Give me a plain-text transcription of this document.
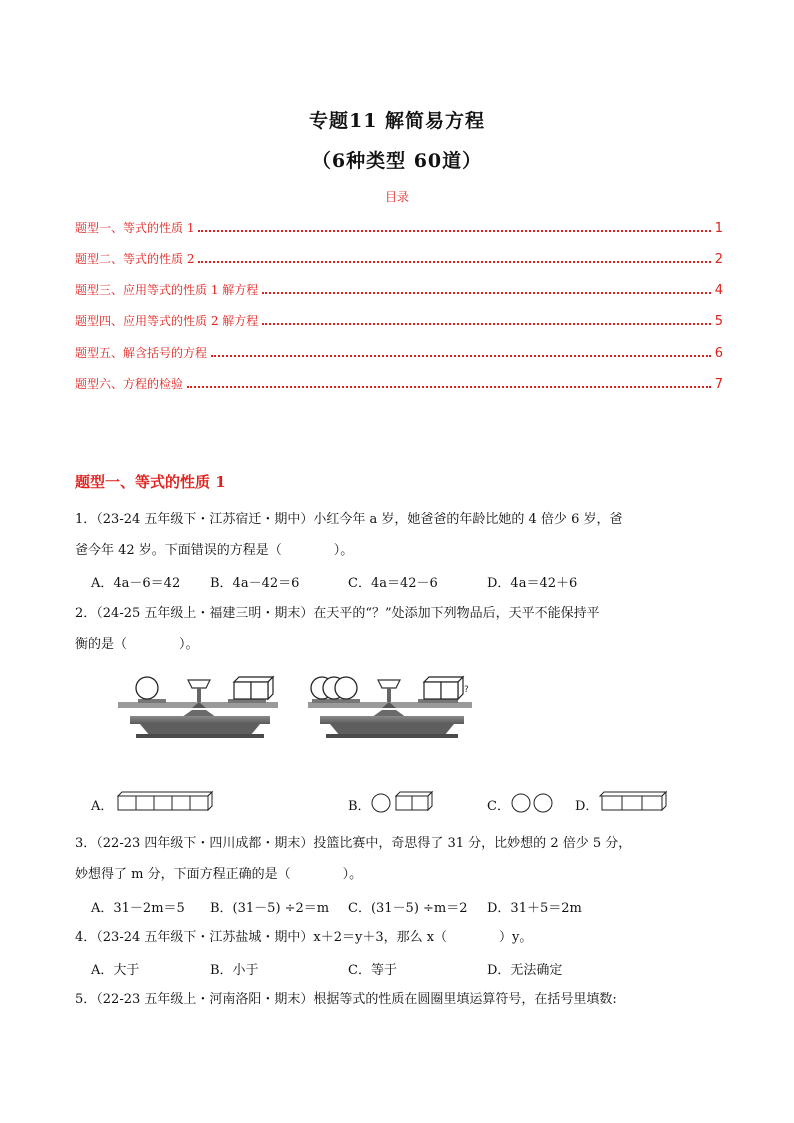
专题11 解简易方程
（6种类型 60道）
目录
题型一、等式的性质 1	1
题型二、等式的性质 2	2
题型三、应用等式的性质 1 解方程	4
题型四、应用等式的性质 2 解方程	5
题型五、解含括号的方程	6
题型六、方程的检验	7
题型一、等式的性质 1
1．（23-24 五年级下・江苏宿迁・期中）小红今年 a 岁，她爸爸的年龄比她的 4 倍少 6 岁，爸
爸今年 42 岁。下面错误的方程是（　　　　）。
A．4a－6＝42 B．4a－42＝6	C．4a＝42－6	D．4a＝42＋6
2．（24-25 五年级上・福建三明・期末）在天平的“？”处添加下列物品后，天平不能保持平
衡的是（　　　　）。
?
A．	B．	C．	D．
3．（22-23 四年级下・四川成都・期末）投篮比赛中，奇思得了 31 分，比妙想的 2 倍少 5 分，
妙想得了 m 分，下面方程正确的是（　　　　）。
A．31－2m＝5 B．(31－5) ÷2＝m C．(31－5) ÷m＝2 D．31＋5＝2m
4．（23-24 五年级下・江苏盐城・期中）x＋2＝y＋3，那么 x（　　　　）y。
A．大于	B．小于	C．等于	D．无法确定
5．（22-23 五年级上・河南洛阳・期末）根据等式的性质在圆圈里填运算符号，在括号里填数:
